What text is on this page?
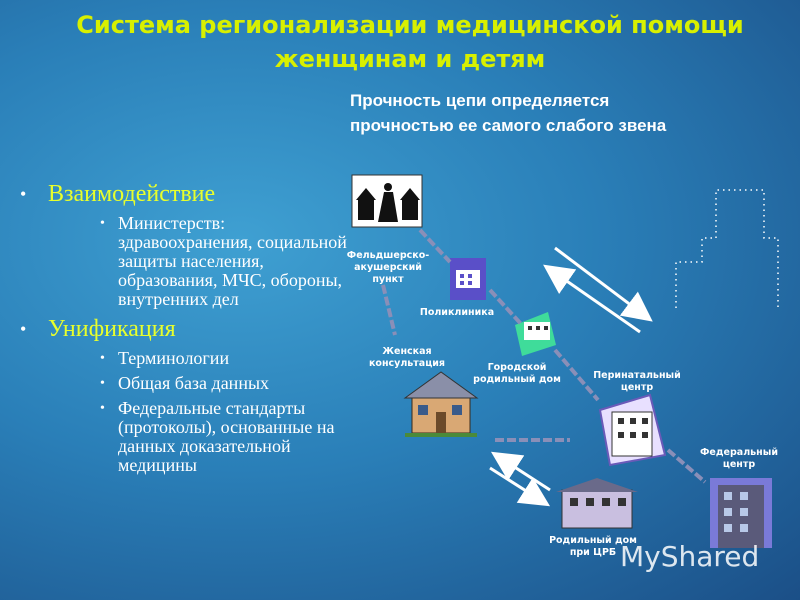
Система регионализации медицинской помощи
женщинам и детям
Прочность цепи определяется
прочностью ее самого слабого звена
• Взаимодействие
• Министерств: здравоохранения, социальной защиты населения, образования, МЧС, обороны, внутренних дел
• Унификация
• Терминологии
• Общая база данных
• Федеральные стандарты (протоколы), основанные на данных доказательной медицины
Фельдшерско-акушерский пункт
Поликлиника
Женская консультация	Городской родильный дом	Перинатальный центр
Федеральный центр
Родильный дом при ЦРБ MyShared
